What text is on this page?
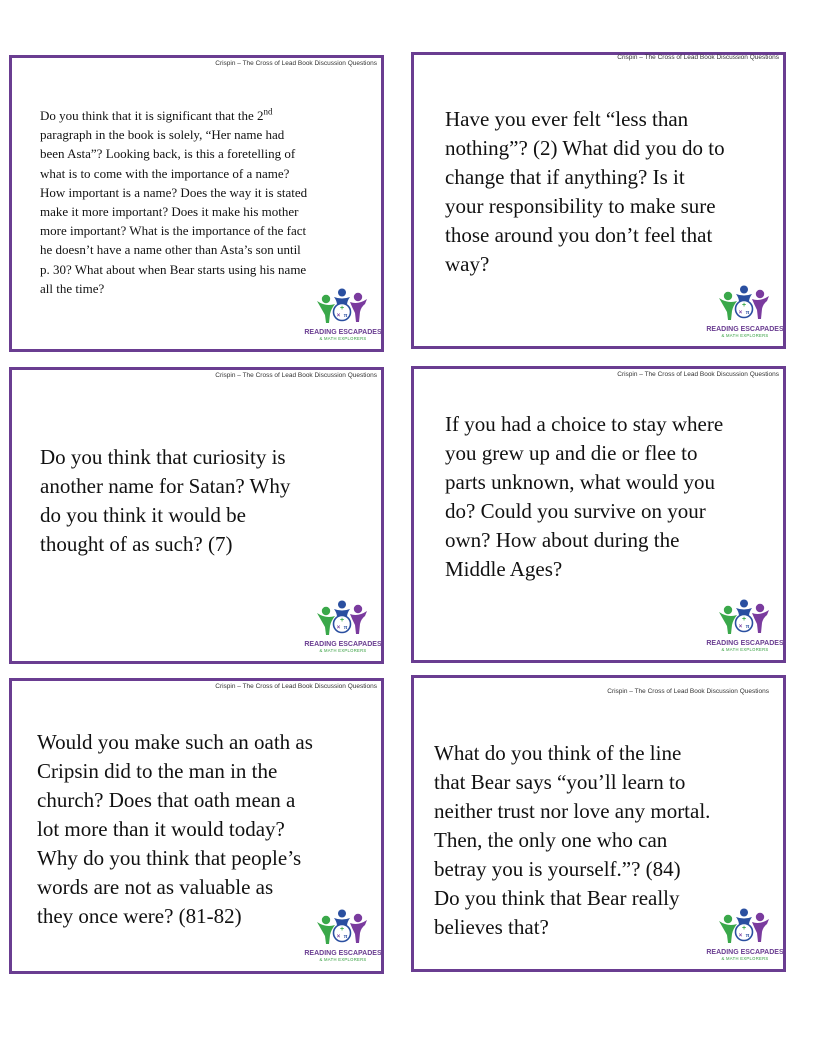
Crispin – The Cross of Lead Book Discussion Questions
Do you think that it is significant that the 2nd
paragraph in the book is solely, “Her name had
been Asta”? Looking back, is this a foretelling of
what is to come with the importance of a name?
How important is a name? Does the way it is stated
make it more important? Does it make his mother
more important? What is the importance of the fact
he doesn’t have a name other than Asta’s son until
p. 30? What about when Bear starts using his name
all the time?
+
× π
READING ESCAPADES
& MATH EXPLORERS
Crispin – The Cross of Lead Book Discussion Questions
Have you ever felt “less than
nothing”? (2) What did you do to
change that if anything? Is it
your responsibility to make sure
those around you don’t feel that
way?
+
× π
READING ESCAPADES
& MATH EXPLORERS
Crispin – The Cross of Lead Book Discussion Questions
Do you think that curiosity is
another name for Satan? Why
do you think it would be
thought of as such? (7)
+
× π
READING ESCAPADES
& MATH EXPLORERS
Crispin – The Cross of Lead Book Discussion Questions
If you had a choice to stay where
you grew up and die or flee to
parts unknown, what would you
do? Could you survive on your
own? How about during the
Middle Ages?
+
× π
READING ESCAPADES
& MATH EXPLORERS
Crispin – The Cross of Lead Book Discussion Questions
Would you make such an oath as
Cripsin did to the man in the
church? Does that oath mean a
lot more than it would today?
Why do you think that people’s
words are not as valuable as
they once were? (81-82)
+
× π
READING ESCAPADES
& MATH EXPLORERS
Crispin – The Cross of Lead Book Discussion Questions
What do you think of the line
that Bear says “you’ll learn to
neither trust nor love any mortal.
Then, the only one who can
betray you is yourself.”? (84)
Do you think that Bear really
believes that?	+
× π
READING ESCAPADES
& MATH EXPLORERS
